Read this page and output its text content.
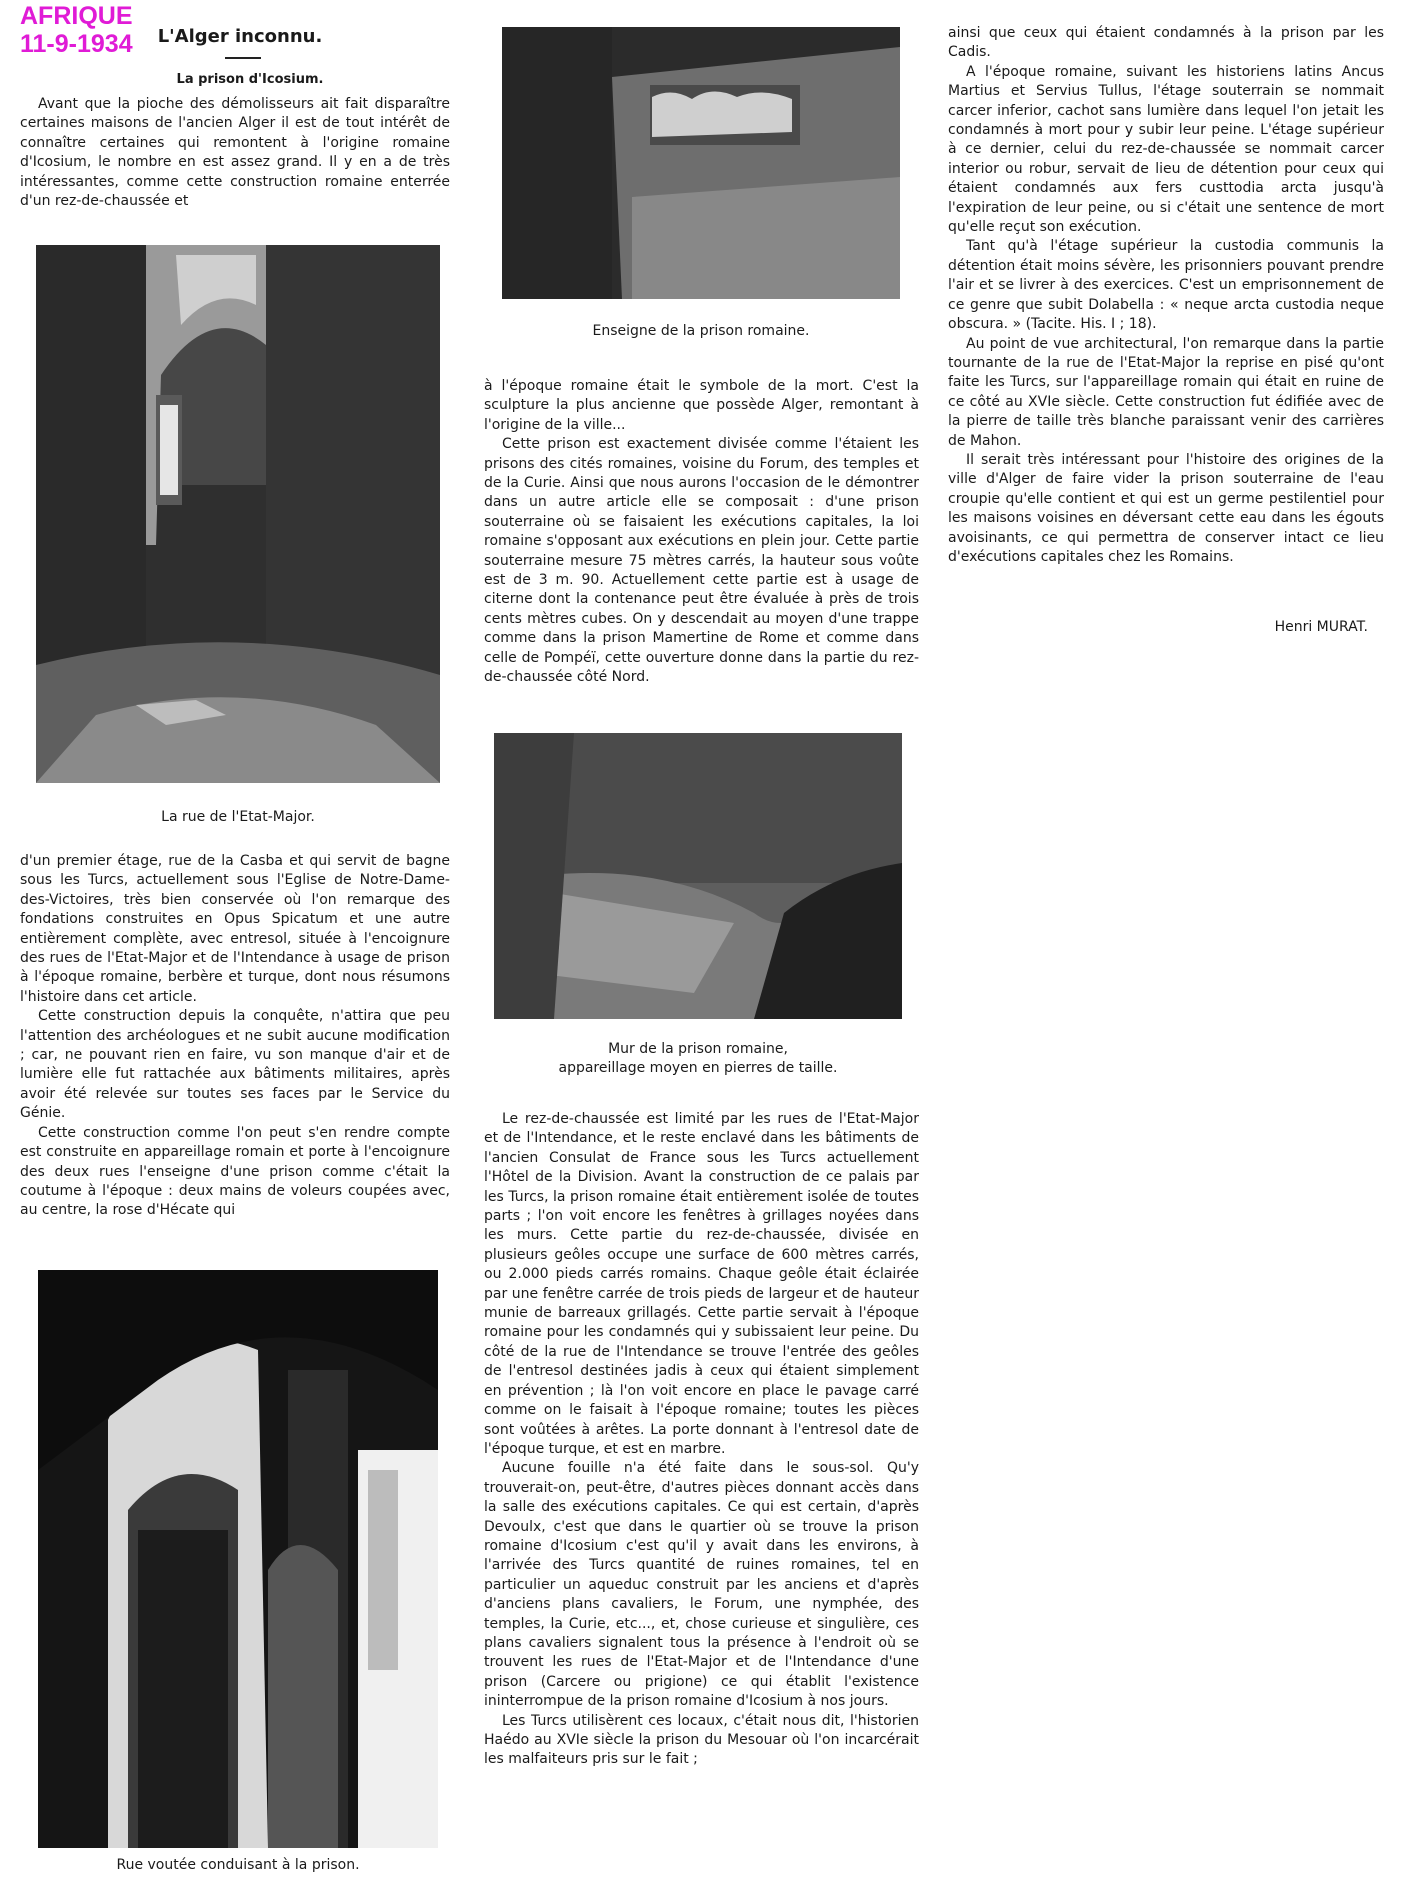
AFRIQUE
11-9-1934 L'Alger inconnu.
La prison d'Icosium.

Avant que la pioche des démolisseurs ait fait disparaître certaines maisons de l'ancien Alger il est de tout intérêt de connaître certaines qui remontent à l'origine romaine d'Icosium, le nombre en est assez grand. Il y en a de très intéressantes, comme cette construction romaine enterrée d'un rez-de-chaussée et

La rue de l'Etat-Major.

d'un premier étage, rue de la Casba et qui servit de bagne sous les Turcs, actuellement sous l'Eglise de Notre-Dame-des-Victoires, très bien conservée où l'on remarque des fondations construites en Opus Spicatum et une autre entièrement complète, avec entresol, située à l'encoignure des rues de l'Etat-Major et de l'Intendance à usage de prison à l'époque romaine, berbère et turque, dont nous résumons l'histoire dans cet article.

Cette construction depuis la conquête, n'attira que peu l'attention des archéologues et ne subit aucune modification ; car, ne pouvant rien en faire, vu son manque d'air et de lumière elle fut rattachée aux bâtiments militaires, après avoir été relevée sur toutes ses faces par le Service du Génie.

Cette construction comme l'on peut s'en rendre compte est construite en appareillage romain et porte à l'encoignure des deux rues l'enseigne d'une prison comme c'était la coutume à l'époque : deux mains de voleurs coupées avec, au centre, la rose d'Hécate qui

Rue voutée conduisant à la prison.
Enseigne de la prison romaine.

à l'époque romaine était le symbole de la mort. C'est la sculpture la plus ancienne que possède Alger, remontant à l'origine de la ville...

Cette prison est exactement divisée comme l'étaient les prisons des cités romaines, voisine du Forum, des temples et de la Curie. Ainsi que nous aurons l'occasion de le démontrer dans un autre article elle se composait : d'une prison souterraine où se faisaient les exécutions capitales, la loi romaine s'opposant aux exécutions en plein jour. Cette partie souterraine mesure 75 mètres carrés, la hauteur sous voûte est de 3 m. 90. Actuellement cette partie est à usage de citerne dont la contenance peut être évaluée à près de trois cents mètres cubes. On y descendait au moyen d'une trappe comme dans la prison Mamertine de Rome et comme dans celle de Pompéï, cette ouverture donne dans la partie du rez-de-chaussée côté Nord.

Mur de la prison romaine,
appareillage moyen en pierres de taille.

Le rez-de-chaussée est limité par les rues de l'Etat-Major et de l'Intendance, et le reste enclavé dans les bâtiments de l'ancien Consulat de France sous les Turcs actuellement l'Hôtel de la Division. Avant la construction de ce palais par les Turcs, la prison romaine était entièrement isolée de toutes parts ; l'on voit encore les fenêtres à grillages noyées dans les murs. Cette partie du rez-de-chaussée, divisée en plusieurs geôles occupe une surface de 600 mètres carrés, ou 2.000 pieds carrés romains. Chaque geôle était éclairée par une fenêtre carrée de trois pieds de largeur et de hauteur munie de barreaux grillagés. Cette partie servait à l'époque romaine pour les condamnés qui y subissaient leur peine. Du côté de la rue de l'Intendance se trouve l'entrée des geôles de l'entresol destinées jadis à ceux qui étaient simplement en prévention ; là l'on voit encore en place le pavage carré comme on le faisait à l'époque romaine; toutes les pièces sont voûtées à arêtes. La porte donnant à l'entresol date de l'époque turque, et est en marbre.

Aucune fouille n'a été faite dans le sous-sol. Qu'y trouverait-on, peut-être, d'autres pièces donnant accès dans la salle des exécutions capitales. Ce qui est certain, d'après Devoulx, c'est que dans le quartier où se trouve la prison romaine d'Icosium c'est qu'il y avait dans les environs, à l'arrivée des Turcs quantité de ruines romaines, tel en particulier un aqueduc construit par les anciens et d'après d'anciens plans cavaliers, le Forum, une nymphée, des temples, la Curie, etc..., et, chose curieuse et singulière, ces plans cavaliers signalent tous la présence à l'endroit où se trouvent les rues de l'Etat-Major et de l'Intendance d'une prison (Carcere ou prigione) ce qui établit l'existence ininterrompue de la prison romaine d'Icosium à nos jours.

Les Turcs utilisèrent ces locaux, c'était nous dit, l'historien Haédo au XVIe siècle la prison du Mesouar où l'on incarcérait les malfaiteurs pris sur le fait ;

ainsi que ceux qui étaient condamnés à la prison par les Cadis.

A l'époque romaine, suivant les historiens latins Ancus Martius et Servius Tullus, l'étage souterrain se nommait carcer inferior, cachot sans lumière dans lequel l'on jetait les condamnés à mort pour y subir leur peine. L'étage supérieur à ce dernier, celui du rez-de-chaussée se nommait carcer interior ou robur, servait de lieu de détention pour ceux qui étaient condamnés aux fers custtodia arcta jusqu'à l'expiration de leur peine, ou si c'était une sentence de mort qu'elle reçut son exécution.

Tant qu'à l'étage supérieur la custodia communis la détention était moins sévère, les prisonniers pouvant prendre l'air et se livrer à des exercices. C'est un emprisonnement de ce genre que subit Dolabella : « neque arcta custodia neque obscura. » (Tacite. His. I ; 18).

Au point de vue architectural, l'on remarque dans la partie tournante de la rue de l'Etat-Major la reprise en pisé qu'ont faite les Turcs, sur l'appareillage romain qui était en ruine de ce côté au XVIe siècle. Cette construction fut édifiée avec de la pierre de taille très blanche paraissant venir des carrières de Mahon.

Il serait très intéressant pour l'histoire des origines de la ville d'Alger de faire vider la prison souterraine de l'eau croupie qu'elle contient et qui est un germe pestilentiel pour les maisons voisines en déversant cette eau dans les égouts avoisinants, ce qui permettra de conserver intact ce lieu d'exécutions capitales chez les Romains.

Henri MURAT.
